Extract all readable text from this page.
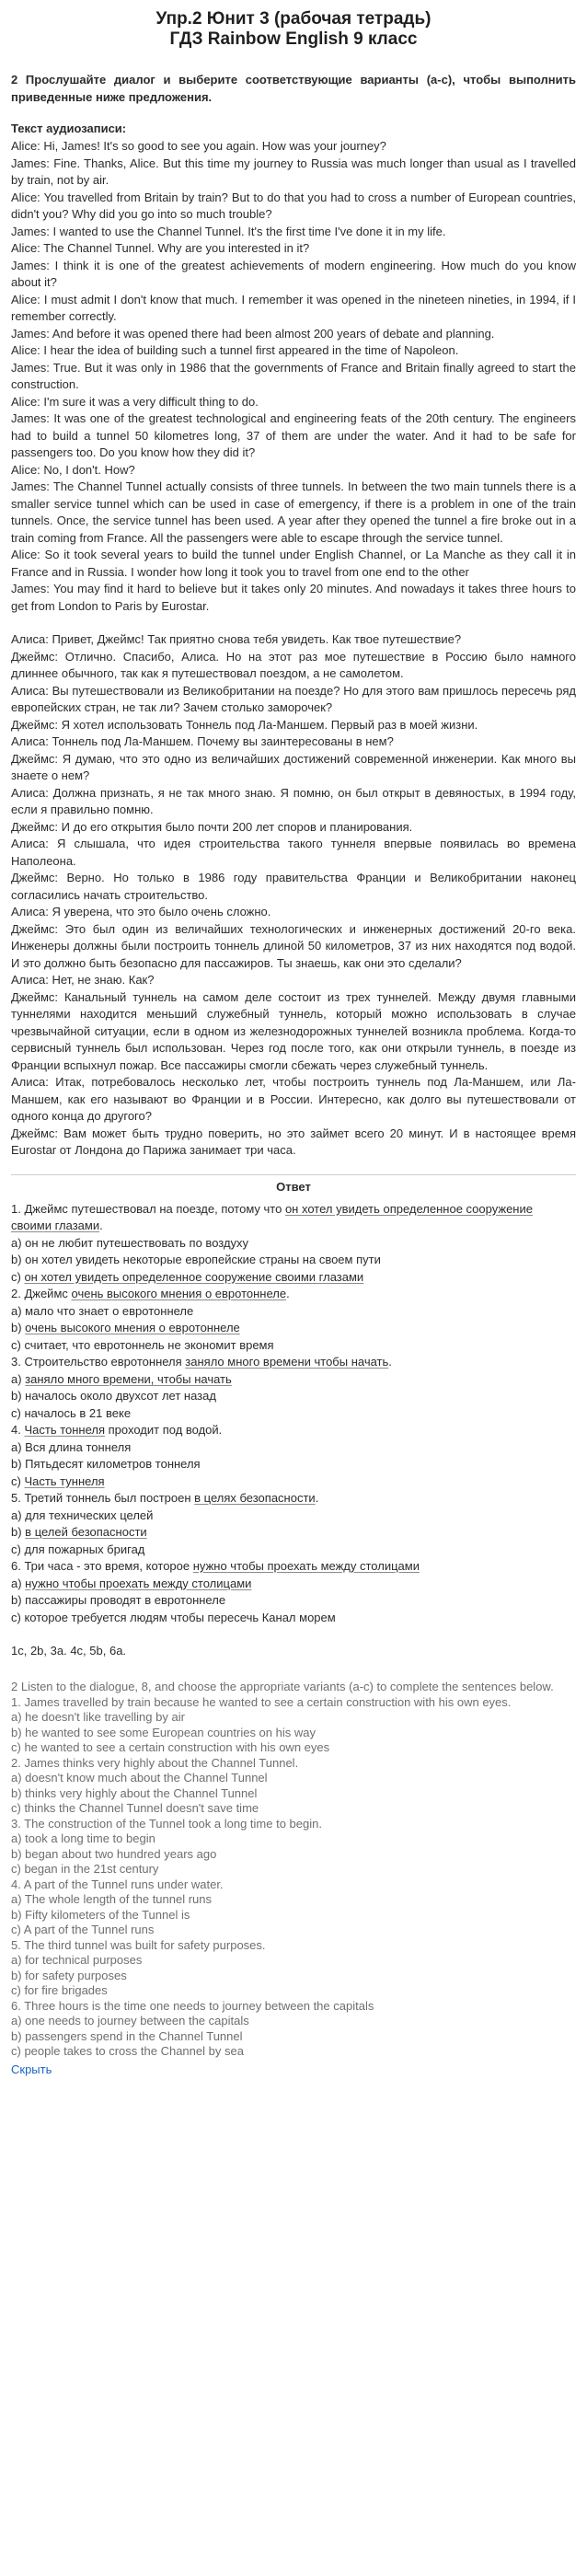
Упр.2 Юнит 3 (рабочая тетрадь)
ГДЗ Rainbow English 9 класс

2 Прослушайте диалог и выберите соответствующие варианты (a-c), чтобы выполнить приведенные ниже предложения.

Текст аудиозаписи:

Alice: Hi, James! It's so good to see you again. How was your journey?

James: Fine. Thanks, Alice. But this time my journey to Russia was much longer than usual as I travelled by train, not by air.

Alice: You travelled from Britain by train? But to do that you had to cross a number of European countries, didn't you? Why did you go into so much trouble?

James: I wanted to use the Channel Tunnel. It's the first time I've done it in my life.

Alice: The Channel Tunnel. Why are you interested in it?

James: I think it is one of the greatest achievements of modern engineering. How much do you know about it?

Alice: I must admit I don't know that much. I remember it was opened in the nineteen nineties, in 1994, if I remember correctly.

James: And before it was opened there had been almost 200 years of debate and planning.

Alice: I hear the idea of building such a tunnel first appeared in the time of Napoleon.

James: True. But it was only in 1986 that the governments of France and Britain finally agreed to start the construction.

Alice: I'm sure it was a very difficult thing to do.

James: It was one of the greatest technological and engineering feats of the 20th century. The engineers had to build a tunnel 50 kilometres long, 37 of them are under the water. And it had to be safe for passengers too. Do you know how they did it?

Alice: No, I don't. How?

James: The Channel Tunnel actually consists of three tunnels. In between the two main tunnels there is a smaller service tunnel which can be used in case of emergency, if there is a problem in one of the train tunnels. Once, the service tunnel has been used. A year after they opened the tunnel a fire broke out in a train coming from France. All the passengers were able to escape through the service tunnel.

Alice: So it took several years to build the tunnel under English Channel, or La Manche as they call it in France and in Russia. I wonder how long it took you to travel from one end to the other

James: You may find it hard to believe but it takes only 20 minutes. And nowadays it takes three hours to get from London to Paris by Eurostar.

Алиса: Привет, Джеймс! Так приятно снова тебя увидеть. Как твое путешествие?

Джеймс: Отлично. Спасибо, Алиса. Но на этот раз мое путешествие в Россию было намного длиннее обычного, так как я путешествовал поездом, а не самолетом.

Алиса: Вы путешествовали из Великобритании на поезде? Но для этого вам пришлось пересечь ряд европейских стран, не так ли? Зачем столько заморочек?

Джеймс: Я хотел использовать Тоннель под Ла-Маншем. Первый раз в моей жизни.

Алиса: Тоннель под Ла-Маншем. Почему вы заинтересованы в нем?

Джеймс: Я думаю, что это одно из величайших достижений современной инженерии. Как много вы знаете о нем?

Алиса: Должна признать, я не так много знаю. Я помню, он был открыт в девяностых, в 1994 году, если я правильно помню.

Джеймс: И до его открытия было почти 200 лет споров и планирования.

Алиса: Я слышала, что идея строительства такого туннеля впервые появилась во времена Наполеона.

Джеймс: Верно. Но только в 1986 году правительства Франции и Великобритании наконец согласились начать строительство.

Алиса: Я уверена, что это было очень сложно.

Джеймс: Это был один из величайших технологических и инженерных достижений 20-го века. Инженеры должны были построить тоннель длиной 50 километров, 37 из них находятся под водой. И это должно быть безопасно для пассажиров. Ты знаешь, как они это сделали?

Алиса: Нет, не знаю. Как?

Джеймс: Канальный туннель на самом деле состоит из трех туннелей. Между двумя главными туннелями находится меньший служебный туннель, который можно использовать в случае чрезвычайной ситуации, если в одном из железнодорожных туннелей возникла проблема. Когда-то сервисный туннель был использован. Через год после того, как они открыли туннель, в поезде из Франции вспыхнул пожар. Все пассажиры смогли сбежать через служебный туннель.

Алиса: Итак, потребовалось несколько лет, чтобы построить туннель под Ла-Маншем, или Ла-Маншем, как его называют во Франции и в России. Интересно, как долго вы путешествовали от одного конца до другого?

Джеймс: Вам может быть трудно поверить, но это займет всего 20 минут. И в настоящее время Eurostar от Лондона до Парижа занимает три часа.

Ответ

1. Джеймс путешествовал на поезде, потому что он хотел увидеть определенное сооружение своими глазами.

a) он не любит путешествовать по воздуху

b) он хотел увидеть некоторые европейские страны на своем пути

c) он хотел увидеть определенное сооружение своими глазами

2. Джеймс очень высокого мнения о евротоннеле.

a) мало что знает о евротоннеле

b) очень высокого мнения о евротоннеле

c) считает, что евротоннель не экономит время

3. Строительство евротоннеля заняло много времени чтобы начать.

a) заняло много времени, чтобы начать

b) началось около двухсот лет назад

c) началось в 21 веке

4. Часть тоннеля проходит под водой.

a) Вся длина тоннеля

b) Пятьдесят километров тоннеля

c) Часть туннеля

5. Третий тоннель был построен в целях безопасности.

a) для технических целей

b) в целей безопасности

c) для пожарных бригад

6. Три часа - это время, которое нужно чтобы проехать между столицами

a) нужно чтобы проехать между столицами

b) пассажиры проводят в евротоннеле

c) которое требуется людям чтобы пересечь Канал морем

1c, 2b, 3a. 4c, 5b, 6a.

2 Listen to the dialogue, 8, and choose the appropriate variants (a-c) to complete the sentences below.

1. James travelled by train because he wanted to see a certain construction with his own eyes.

a) he doesn't like travelling by air

b) he wanted to see some European countries on his way

c) he wanted to see a certain construction with his own eyes

2. James thinks very highly about the Channel Tunnel.

a) doesn't know much about the Channel Tunnel

b) thinks very highly about the Channel Tunnel

c) thinks the Channel Tunnel doesn't save time

3. The construction of the Tunnel took a long time to begin.

a) took a long time to begin

b) began about two hundred years ago

c) began in the 21st century

4. A part of the Tunnel runs under water.

a) The whole length of the tunnel runs

b) Fifty kilometers of the Tunnel is

c) A part of the Tunnel runs

5. The third tunnel was built for safety purposes.

a) for technical purposes

b) for safety purposes

c) for fire brigades

6. Three hours is the time one needs to journey between the capitals

a) one needs to journey between the capitals

b) passengers spend in the Channel Tunnel

c) people takes to cross the Channel by sea

Скрыть
